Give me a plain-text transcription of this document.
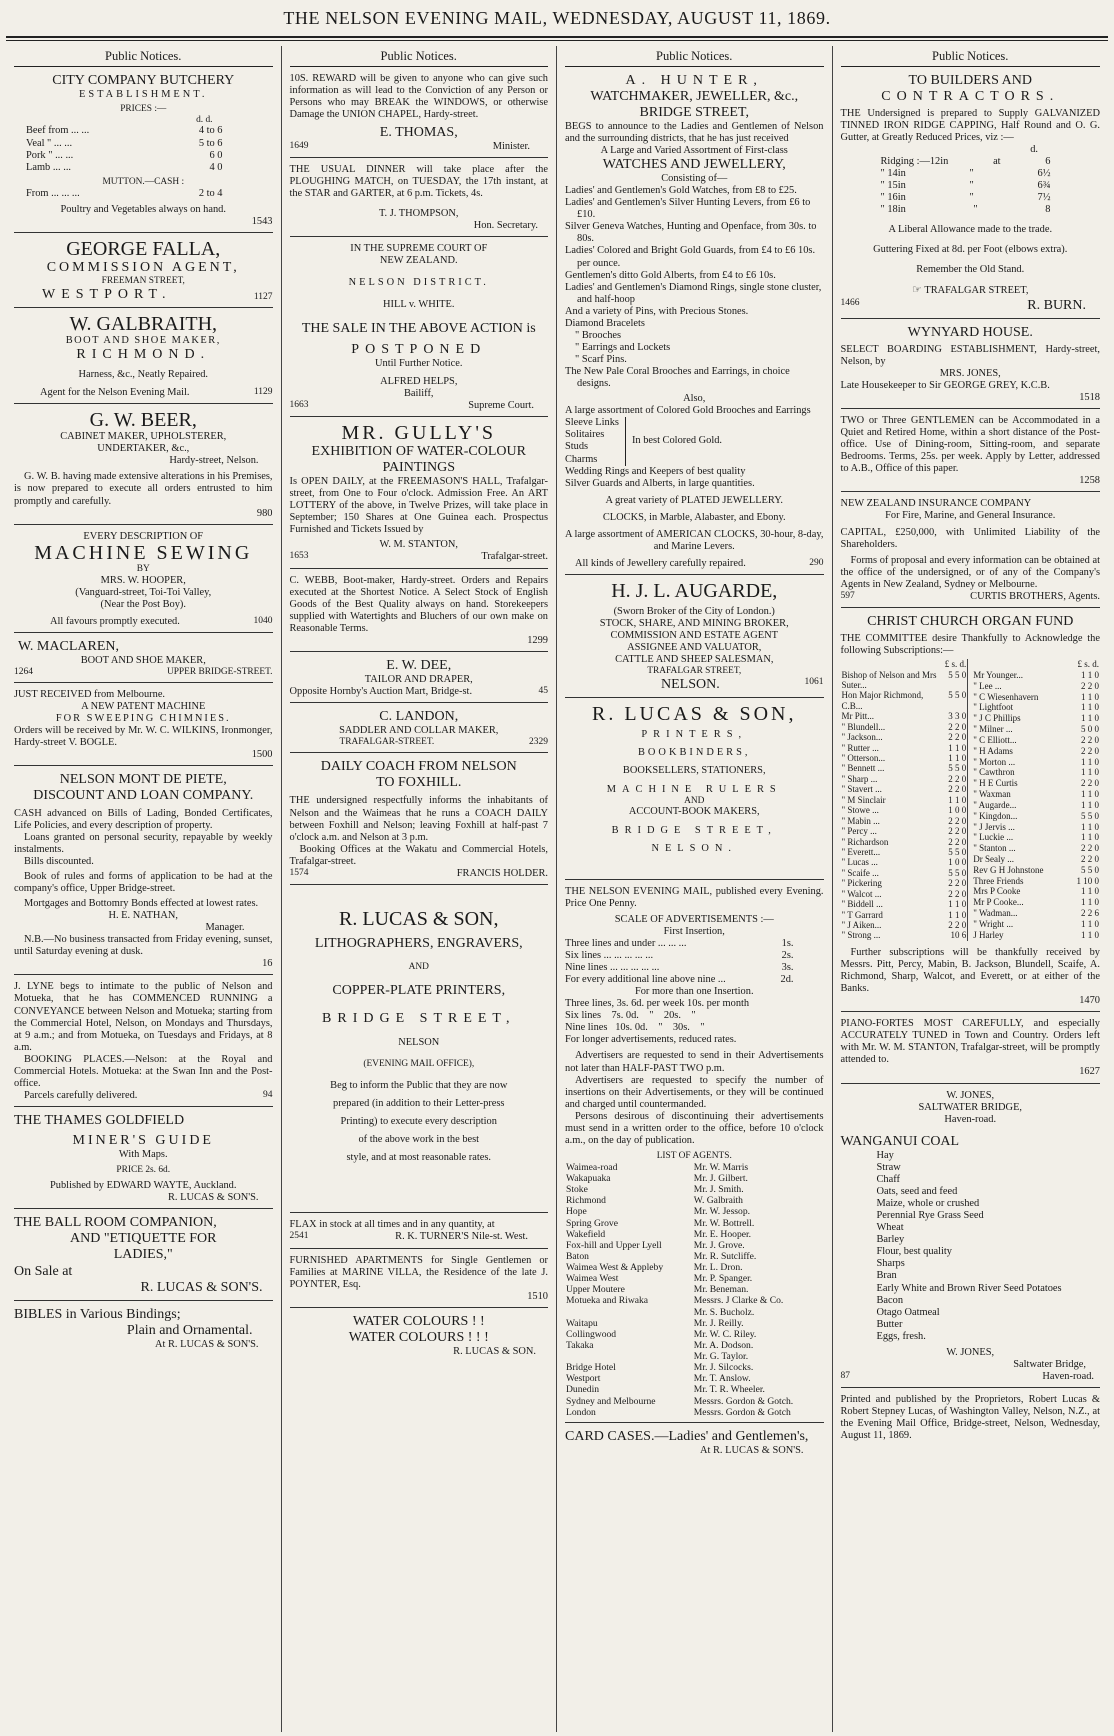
THE NELSON EVENING MAIL, WEDNESDAY, AUGUST 11, 1869.
Public Notices.
CITY COMPANY BUTCHERY
ESTABLISHMENT.
PRICES :—
d. d.
Beef from ... ...	4 to 6
Veal " ... ...	5 to 6
Pork " ... ...	6 0
Lamb ... ...	4 0
MUTTON.—CASH :
From ... ... ...	2 to 4
Poultry and Vegetables always on hand.
1543
GEORGE FALLA,
COMMISSION AGENT,
FREEMAN STREET,
WESTPORT.	1127
W. GALBRAITH,
BOOT AND SHOE MAKER,
RICHMOND.
Harness, &c., Neatly Repaired.
Agent for the Nelson Evening Mail.	1129
G. W. BEER,
CABINET MAKER, UPHOLSTERER,
UNDERTAKER, &c.,
Hardy-street, Nelson.
G. W. B. having made extensive alterations in his Premises, is now prepared to execute all orders entrusted to him promptly and carefully.
980
EVERY DESCRIPTION OF
MACHINE SEWING
BY
MRS. W. HOOPER,
(Vanguard-street, Toi-Toi Valley,
(Near the Post Boy).
All favours promptly executed.	1040
W. MACLAREN,
BOOT AND SHOE MAKER,
1264	UPPER BRIDGE-STREET.
JUST RECEIVED from Melbourne.
A NEW PATENT MACHINE
FOR SWEEPING CHIMNIES.
Orders will be received by Mr. W. C. WILKINS, Ironmonger, Hardy-street V. BOGLE.
1500
NELSON MONT DE PIETE,
DISCOUNT AND LOAN COMPANY.
CASH advanced on Bills of Lading, Bonded Certificates, Life Policies, and every description of property.
Loans granted on personal security, repayable by weekly instalments.
Bills discounted.
Book of rules and forms of application to be had at the company's office, Upper Bridge-street.
Mortgages and Bottomry Bonds effected at lowest rates.
H. E. NATHAN,
Manager.
N.B.—No business transacted from Friday evening, sunset, until Saturday evening at dusk.
16
J. LYNE begs to intimate to the public of Nelson and Motueka, that he has COMMENCED RUNNING a CONVEYANCE between Nelson and Motueka; starting from the Commercial Hotel, Nelson, on Mondays and Thursdays, at 9 a.m.; and from Motueka, on Tuesdays and Fridays, at 8 a.m.
BOOKING PLACES.—Nelson: at the Royal and Commercial Hotels. Motueka: at the Swan Inn and the Post-office.
Parcels carefully delivered.	94
THE THAMES GOLDFIELD
MINER'S GUIDE
With Maps.
PRICE 2s. 6d.
Published by EDWARD WAYTE, Auckland.
R. LUCAS & SON'S.
THE BALL ROOM COMPANION,
AND "ETIQUETTE FOR
LADIES,"
On Sale at
R. LUCAS & SON'S.
BIBLES in Various Bindings;
Plain and Ornamental.
At R. LUCAS & SON'S.
Public Notices.
10S. REWARD will be given to anyone who can give such information as will lead to the Conviction of any Person or Persons who may BREAK the WINDOWS, or otherwise Damage the UNION CHAPEL, Hardy-street.
E. THOMAS,
1649	Minister.
THE USUAL DINNER will take place after the PLOUGHING MATCH, on TUESDAY, the 17th instant, at the STAR and GARTER, at 6 p.m. Tickets, 4s.
T. J. THOMPSON,
Hon. Secretary.
IN THE SUPREME COURT OF
NEW ZEALAND.
NELSON DISTRICT.
HILL v. WHITE.
THE SALE IN THE ABOVE ACTION is
POSTPONED
Until Further Notice.
ALFRED HELPS,
Bailiff,
1663	Supreme Court.
MR. GULLY'S
EXHIBITION OF WATER-COLOUR
PAINTINGS
Is OPEN DAILY, at the FREEMASON'S HALL, Trafalgar-street, from One to Four o'clock. Admission Free. An ART LOTTERY of the above, in Twelve Prizes, will take place in September; 150 Shares at One Guinea each. Prospectus Furnished and Tickets Issued by
W. M. STANTON,
1653	Trafalgar-street.
C. WEBB, Boot-maker, Hardy-street. Orders and Repairs executed at the Shortest Notice. A Select Stock of English Goods of the Best Quality always on hand. Storekeepers supplied with Watertights and Bluchers of our own make on Reasonable Terms.
1299
E. W. DEE,
TAILOR AND DRAPER,
Opposite Hornby's Auction Mart, Bridge-st.	45
C. LANDON,
SADDLER AND COLLAR MAKER,
TRAFALGAR-STREET.	2329
DAILY COACH FROM NELSON
TO FOXHILL.
THE undersigned respectfully informs the inhabitants of Nelson and the Waimeas that he runs a COACH DAILY between Foxhill and Nelson; leaving Foxhill at half-past 7 o'clock a.m. and Nelson at 3 p.m.
Booking Offices at the Wakatu and Commercial Hotels, Trafalgar-street.
1574	FRANCIS HOLDER.
R. LUCAS & SON,
LITHOGRAPHERS, ENGRAVERS,
AND
COPPER-PLATE PRINTERS,
BRIDGE STREET,
NELSON
(EVENING MAIL OFFICE),
Beg to inform the Public that they are now
prepared (in addition to their Letter-press
Printing) to execute every description
of the above work in the best
style, and at most reasonable rates.
FLAX in stock at all times and in any quantity, at
2541	R. K. TURNER'S Nile-st. West.
FURNISHED APARTMENTS for Single Gentlemen or Families at MARINE VILLA, the Residence of the late J. POYNTER, Esq.
1510
WATER COLOURS ! !
WATER COLOURS ! ! !
R. LUCAS & SON.
Public Notices.
A. HUNTER,
WATCHMAKER, JEWELLER, &c.,
BRIDGE STREET,
BEGS to announce to the Ladies and Gentlemen of Nelson and the surrounding districts, that he has just received
A Large and Varied Assortment of First-class
WATCHES AND JEWELLERY,
Consisting of—
Ladies' and Gentlemen's Gold Watches, from £8 to £25.
Ladies' and Gentlemen's Silver Hunting Levers, from £6 to £10.
Silver Geneva Watches, Hunting and Openface, from 30s. to 80s.
Ladies' Colored and Bright Gold Guards, from £4 to £6 10s. per ounce.
Gentlemen's ditto Gold Alberts, from £4 to £6 10s.
Ladies' and Gentlemen's Diamond Rings, single stone cluster, and half-hoop
And a variety of Pins, with Precious Stones.
Diamond Bracelets
" Brooches
" Earrings and Lockets
" Scarf Pins.
The New Pale Coral Brooches and Earrings, in choice designs.
Also,
A large assortment of Colored Gold Brooches and Earrings
Sleeve Links
Solitaires
Studs
Charms
In best Colored Gold.
Wedding Rings and Keepers of best quality
Silver Guards and Alberts, in large quantities.
A great variety of PLATED JEWELLERY.
CLOCKS, in Marble, Alabaster, and Ebony.
A large assortment of AMERICAN CLOCKS, 30-hour, 8-day, and Marine Levers.
All kinds of Jewellery carefully repaired.	290
H. J. L. AUGARDE,
(Sworn Broker of the City of London.)
STOCK, SHARE, AND MINING BROKER,
COMMISSION AND ESTATE AGENT
ASSIGNEE AND VALUATOR,
CATTLE AND SHEEP SALESMAN,
TRAFALGAR STREET,
NELSON.	1061
R. LUCAS & SON,
PRINTERS,
BOOKBINDERS,
BOOKSELLERS, STATIONERS,
MACHINE RULERS
AND
ACCOUNT-BOOK MAKERS,
BRIDGE STREET,
NELSON.
THE NELSON EVENING MAIL, published every Evening. Price One Penny.
SCALE OF ADVERTISEMENTS :—
First Insertion,
Three lines and under ... ... ...	1s.
Six lines ... ... ... ... ...	2s.
Nine lines ... ... ... ... ...	3s.
For every additional line above nine ...	2d.
For more than one Insertion.
Three lines, 3s. 6d. per week 10s. per month
Six lines    7s. 0d.    "    20s.    "
Nine lines   10s. 0d.    "    30s.    "
For longer advertisements, reduced rates.
Advertisers are requested to send in their Advertisements not later than HALF-PAST TWO p.m.
Advertisers are requested to specify the number of insertions on their Advertisements, or they will be continued and charged until countermanded.
Persons desirous of discontinuing their advertisements must send in a written order to the office, before 10 o'clock a.m., on the day of publication.
LIST OF AGENTS.
Waimea-road	Mr. W. Marris
Wakapuaka	Mr. J. Gilbert.
Stoke	Mr. J. Smith.
Richmond	W. Galbraith
Hope	Mr. W. Jessop.
Spring Grove	Mr. W. Bottrell.
Wakefield	Mr. E. Hooper.
Fox-hill and Upper Lyell	Mr. J. Grove.
Baton	Mr. R. Sutcliffe.
Waimea West & Appleby	Mr. L. Dron.
Waimea West	Mr. P. Spanger.
Upper Moutere	Mr. Beneman.
Motueka and Riwaka	Messrs. J Clarke & Co.
	Mr. S. Bucholz.
Waitapu	Mr. J. Reilly.
Collingwood	Mr. W. C. Riley.
Takaka	Mr. A. Dodson.
	Mr. G. Taylor.
Bridge Hotel	Mr. J. Silcocks.
Westport	Mr. T. Anslow.
Dunedin	Mr. T. R. Wheeler.
Sydney and Melbourne	Messrs. Gordon & Gotch.
London	Messrs. Gordon & Gotch
CARD CASES.—Ladies' and Gentlemen's,
At R. LUCAS & SON'S.
Public Notices.
TO BUILDERS AND
CONTRACTORS.
THE Undersigned is prepared to Supply GALVANIZED TINNED IRON RIDGE CAPPING, Half Round and O. G. Gutter, at Greatly Reduced Prices, viz :—
d.
Ridging :—12in	at	6
" 14in	"	6½
" 15in	"	6¾
" 16in	"	7½
" 18in	"	8
A Liberal Allowance made to the trade.
Guttering Fixed at 8d. per Foot (elbows extra).
Remember the Old Stand.
☞ TRAFALGAR STREET,
1466	R. BURN.
WYNYARD HOUSE.
SELECT BOARDING ESTABLISHMENT, Hardy-street, Nelson, by
MRS. JONES,
Late Housekeeper to Sir GEORGE GREY, K.C.B.
1518
TWO or Three GENTLEMEN can be Accommodated in a Quiet and Retired Home, within a short distance of the Post-office. Use of Dining-room, Sitting-room, and separate Bedrooms. Terms, 25s. per week. Apply by Letter, addressed to A.B., Office of this paper.
1258
NEW ZEALAND INSURANCE COMPANY
For Fire, Marine, and General Insurance.
CAPITAL, £250,000, with Unlimited Liability of the Shareholders.
Forms of proposal and every information can be obtained at the office of the undersigned, or of any of the Company's Agents in New Zealand, Sydney or Melbourne.
597	CURTIS BROTHERS, Agents.
CHRIST CHURCH ORGAN FUND
THE COMMITTEE desire Thankfully to Acknowledge the following Subscriptions:—
	£ s. d.
Bishop of Nelson and Mrs Suter...	5 5 0
Hon Major Richmond, C.B...	5 5 0
Mr Pitt...	3 3 0
" Blundell...	2 2 0
" Jackson...	2 2 0
" Rutter ...	1 1 0
" Otterson...	1 1 0
" Bennett ...	5 5 0
" Sharp ...	2 2 0
" Stavert ...	2 2 0
" M Sinclair	1 1 0
" Stowe ...	1 0 0
" Mabin ...	2 2 0
" Percy ...	2 2 0
" Richardson	2 2 0
" Everett...	5 5 0
" Lucas ...	1 0 0
" Scaife ...	5 5 0
" Pickering	2 2 0
" Walcot ...	2 2 0
" Biddell ...	1 1 0
" T Garrard	1 1 0
" J Aiken...	2 2 0
" Strong ...	10 6
	£ s. d.
Mr Younger...	1 1 0
" Lee ...	2 2 0
" C Wiesenhavern	1 1 0
" Lightfoot	1 1 0
" J C Phillips	1 1 0
" Milner ...	5 0 0
" C Elliott...	2 2 0
" H Adams	2 2 0
" Morton ...	1 1 0
" Cawthron	1 1 0
" H E Curtis	2 2 0
" Waxman	1 1 0
" Augarde...	1 1 0
" Kingdon...	5 5 0
" J Jervis ...	1 1 0
" Luckie ...	1 1 0
" Stanton ...	2 2 0
Dr Sealy ...	2 2 0
Rev G H Johnstone	5 5 0
Three Friends	1 10 0
Mrs P Cooke	1 1 0
Mr P Cooke...	1 1 0
" Wadman...	2 2 6
" Wright ...	1 1 0
J Harley	1 1 0
Further subscriptions will be thankfully received by Messrs. Pitt, Percy, Mabin, B. Jackson, Blundell, Scaife, A. Richmond, Sharp, Walcot, and Everett, or at either of the Banks.
1470
PIANO-FORTES MOST CAREFULLY, and especially ACCURATELY TUNED in Town and Country. Orders left with Mr. W. M. STANTON, Trafalgar-street, will be promptly attended to.
1627
W. JONES,
SALTWATER BRIDGE,
Haven-road.
WANGANUI COAL
Hay
Straw
Chaff
Oats, seed and feed
Maize, whole or crushed
Perennial Rye Grass Seed
Wheat
Barley
Flour, best quality
Sharps
Bran
Early White and Brown River Seed Potatoes
Bacon
Otago Oatmeal
Butter
Eggs, fresh.
W. JONES,
Saltwater Bridge,
87	Haven-road.
Printed and published by the Proprietors, Robert Lucas & Robert Stepney Lucas, of Washington Valley, Nelson, N.Z., at the Evening Mail Office, Bridge-street, Nelson, Wednesday, August 11, 1869.
